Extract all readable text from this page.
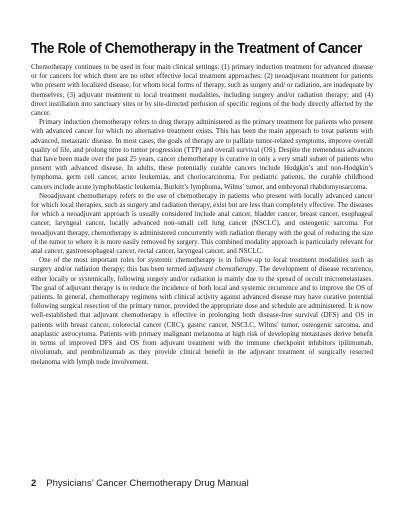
The Role of Chemotherapy in the Treatment of Cancer

Chemotherapy continues to be used in four main clinical settings: (1) primary induction treatment for advanced disease or for cancers for which there are no other effective local treatment approaches; (2) neoadjuvant treatment for patients who present with localized disease, for whom local forms of therapy, such as surgery and/ or radiation, are inadequate by themselves; (3) adjuvant treatment to local treatment modalities, including surgery and/or radiation therapy; and (4) direct instillation into sanctuary sites or by site-directed perfusion of specific regions of the body directly affected by the cancer.

Primary induction chemotherapy refers to drug therapy administered as the primary treatment for patients who present with advanced cancer for which no alternative treatment exists. This has been the main approach to treat patients with advanced, metastatic disease. In most cases, the goals of therapy are to palliate tumor-related symptoms, improve overall quality of life, and prolong time to tumor progression (TTP) and overall survival (OS). Despite the tremendous advances that have been made over the past 25 years, cancer chemotherapy is curative in only a very small subset of patients who present with advanced disease. In adults, these potentially curable cancers include Hodgkin’s and non-Hodgkin’s lymphoma, germ cell cancer, acute leukemias, and choriocarcinoma. For pediatric patients, the curable childhood cancers include acute lymphoblastic leukemia, Burkitt’s lymphoma, Wilms’ tumor, and embryonal rhabdomyosarcoma.

Neoadjuvant chemotherapy refers to the use of chemotherapy in patients who present with locally advanced cancer for which local therapies, such as surgery and radiation therapy, exist but are less than completely effective. The diseases for which a neoadjuvant approach is usually considered include anal cancer, bladder cancer, breast cancer, esophageal cancer, laryngeal cancer, locally advanced non–small cell lung cancer (NSCLC), and osteogenic sarcoma. For neoadjuvant therapy, chemotherapy is administered concurrently with radiation therapy with the goal of reducing the size of the tumor to where it is more easily removed by surgery. This combined modality approach is particularly relevant for anal cancer, gastroesophageal cancer, rectal cancer, laryngeal cancer, and NSCLC.

One of the most important roles for systemic chemotherapy is in follow-up to local treatment modalities such as surgery and/or radiation therapy; this has been termed adjuvant chemotherapy. The development of disease recurrence, either locally or systemically, following surgery and/or radiation is mainly due to the spread of occult micrometastases. The goal of adjuvant therapy is to reduce the incidence of both local and systemic recurrence and to improve the OS of patients. In general, chemotherapy regimens with clinical activity against advanced disease may have curative potential following surgical resection of the primary tumor, provided the appropriate dose and schedule are administered. It is now well-established that adjuvant chemotherapy is effective in prolonging both disease-free survival (DFS) and OS in patients with breast cancer, colorectal cancer (CRC), gastric cancer, NSCLC, Wilms’ tumor, osteogenic sarcoma, and anaplastic astrocytoma. Patients with primary malignant melanoma at high risk of developing metastases derive benefit in terms of improved DFS and OS from adjuvant treatment with the immune checkpoint inhibitors ipilimumab, nivolumab, and pembrolizumab as they provide clinical benefit in the adjuvant treatment of surgically resected melanoma with lymph node involvement.

2 Physicians’ Cancer Chemotherapy Drug Manual
